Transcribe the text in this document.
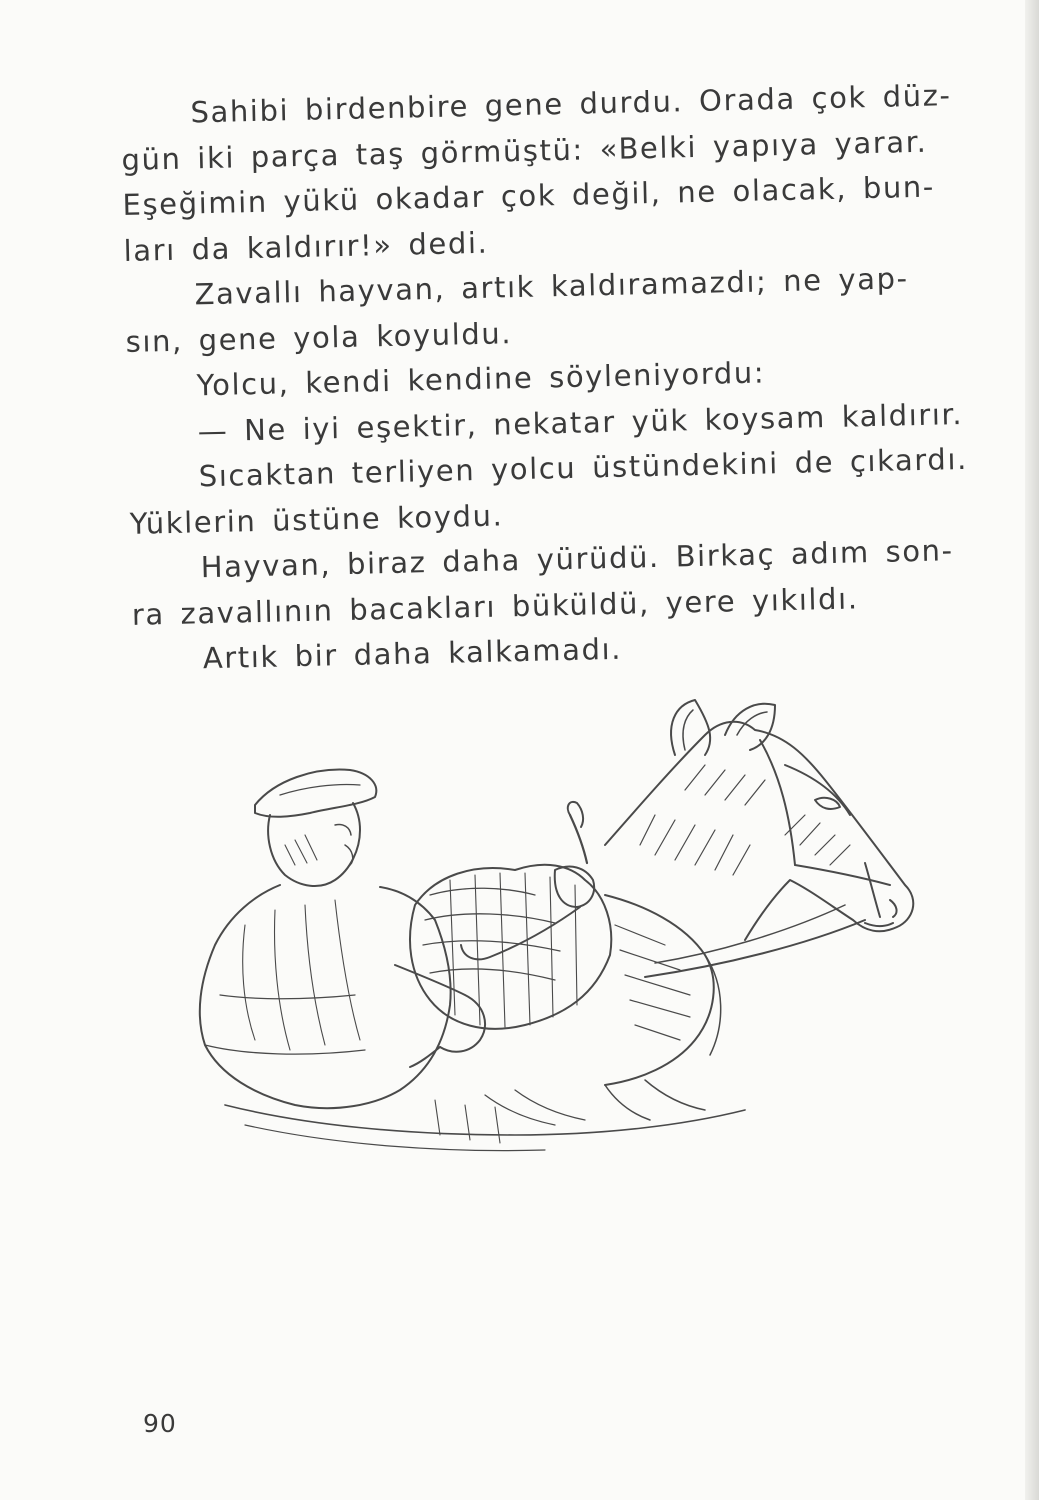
Sahibi birdenbire gene durdu. Orada çok düz-

gün iki parça taş görmüştü: «Belki yapıya yarar.

Eşeğimin yükü okadar çok değil, ne olacak, bun-

ları da kaldırır!» dedi.

Zavallı hayvan, artık kaldıramazdı; ne yap-

sın, gene yola koyuldu.

Yolcu, kendi kendine söyleniyordu:

— Ne iyi eşektir, nekatar yük koysam kaldırır.

Sıcaktan terliyen yolcu üstündekini de çıkardı.

Yüklerin üstüne koydu.

Hayvan, biraz daha yürüdü. Birkaç adım son-

ra zavallının bacakları büküldü, yere yıkıldı.

Artık bir daha kalkamadı.

90
